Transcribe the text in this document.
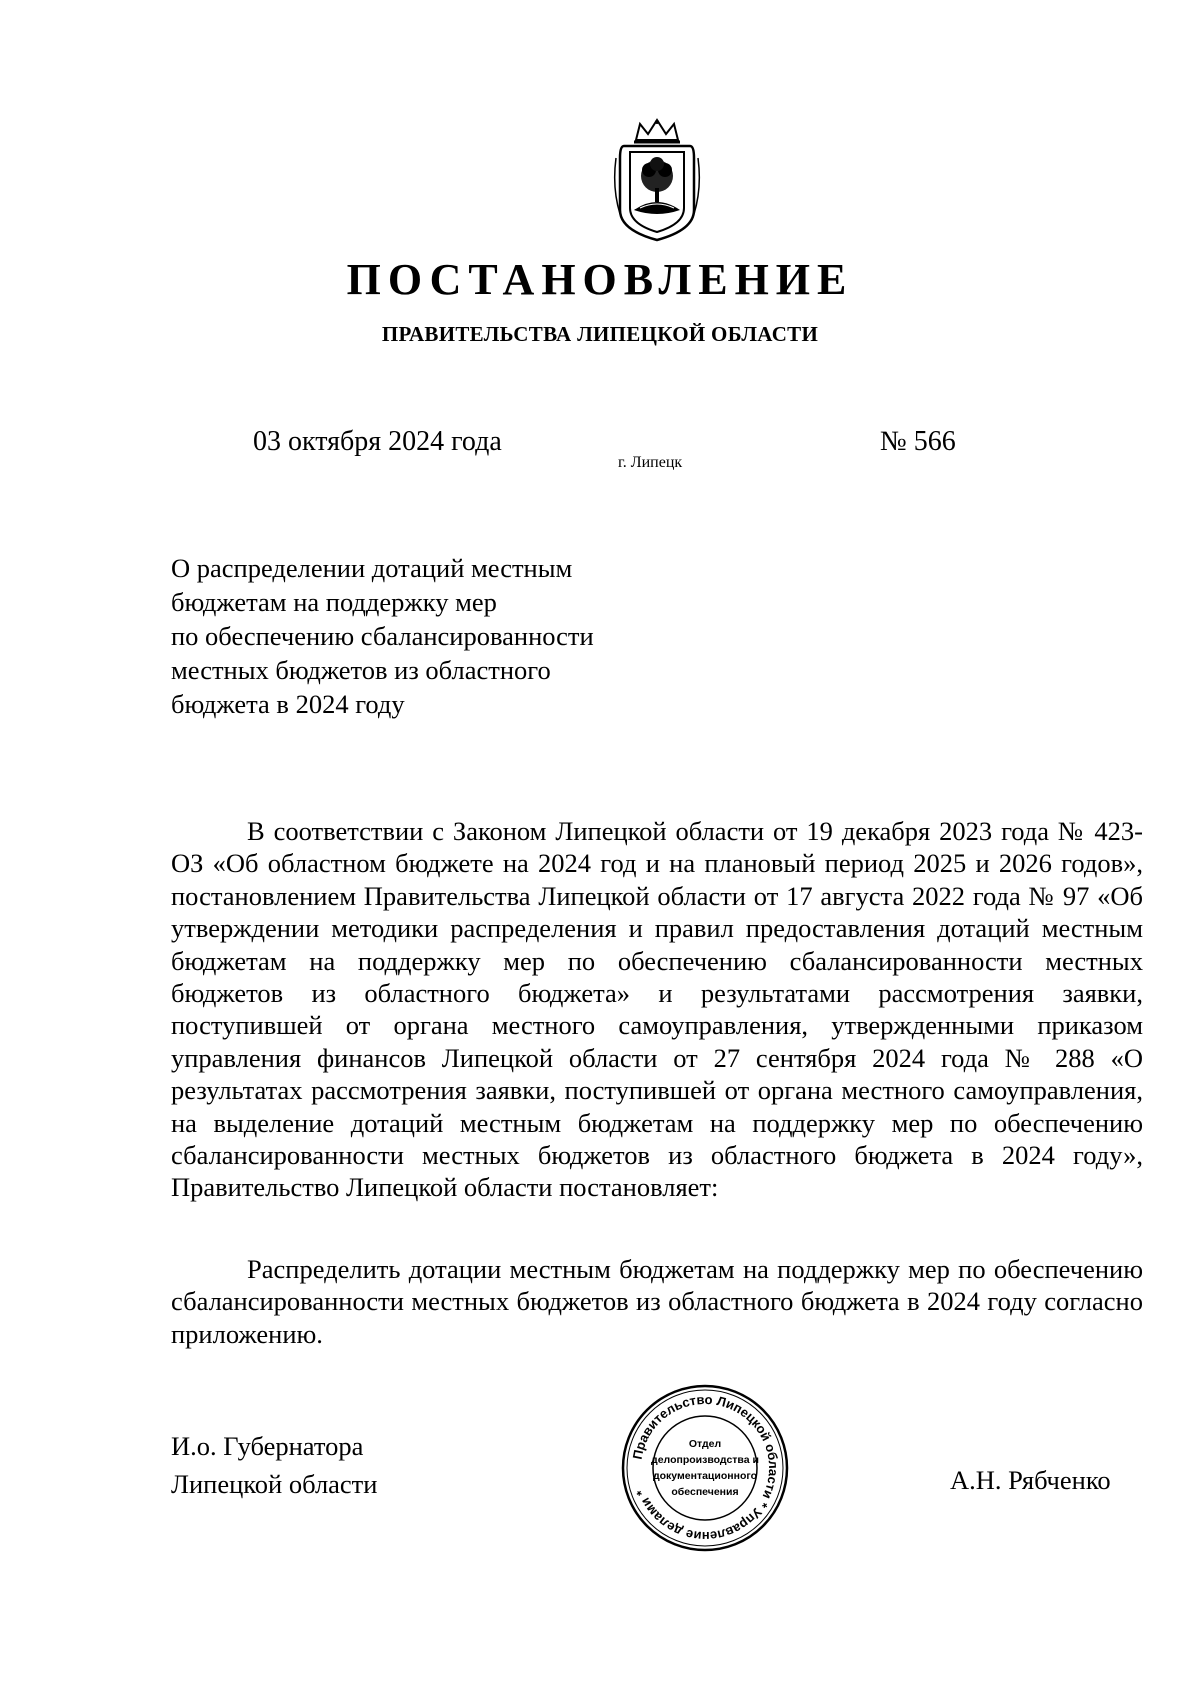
ПОСТАНОВЛЕНИЕ
ПРАВИТЕЛЬСТВА ЛИПЕЦКОЙ ОБЛАСТИ
03 октября 2024 года
г. Липецк
№ 566
О распределении дотаций местным
бюджетам на поддержку мер
по обеспечению сбалансированности
местных бюджетов из областного
бюджета в 2024 году

В соответствии с Законом Липецкой области от 19 декабря 2023 года № 423-ОЗ «Об областном бюджете на 2024 год и на плановый период 2025 и 2026 годов», постановлением Правительства Липецкой области от 17 августа 2022 года № 97 «Об утверждении методики распределения и правил предоставления дотаций местным бюджетам на поддержку мер по обеспечению сбалансированности местных бюджетов из областного бюджета» и результатами рассмотрения заявки, поступившей от органа местного самоуправления, утвержденными приказом управления финансов Липецкой области от 27 сентября 2024 года № 288 «О результатах рассмотрения заявки, поступившей от органа местного самоуправления, на выделение дотаций местным бюджетам на поддержку мер по обеспечению сбалансированности местных бюджетов из областного бюджета в 2024 году», Правительство Липецкой области постановляет:

Распределить дотации местным бюджетам на поддержку мер по обеспечению сбалансированности местных бюджетов из областного бюджета в 2024 году согласно приложению.

И.о. Губернатора
Липецкой области
Правительство Липецкой области * Управление делами *
Отдел
делопроизводства и
документационного
обеспечения	А.Н. Рябченко
